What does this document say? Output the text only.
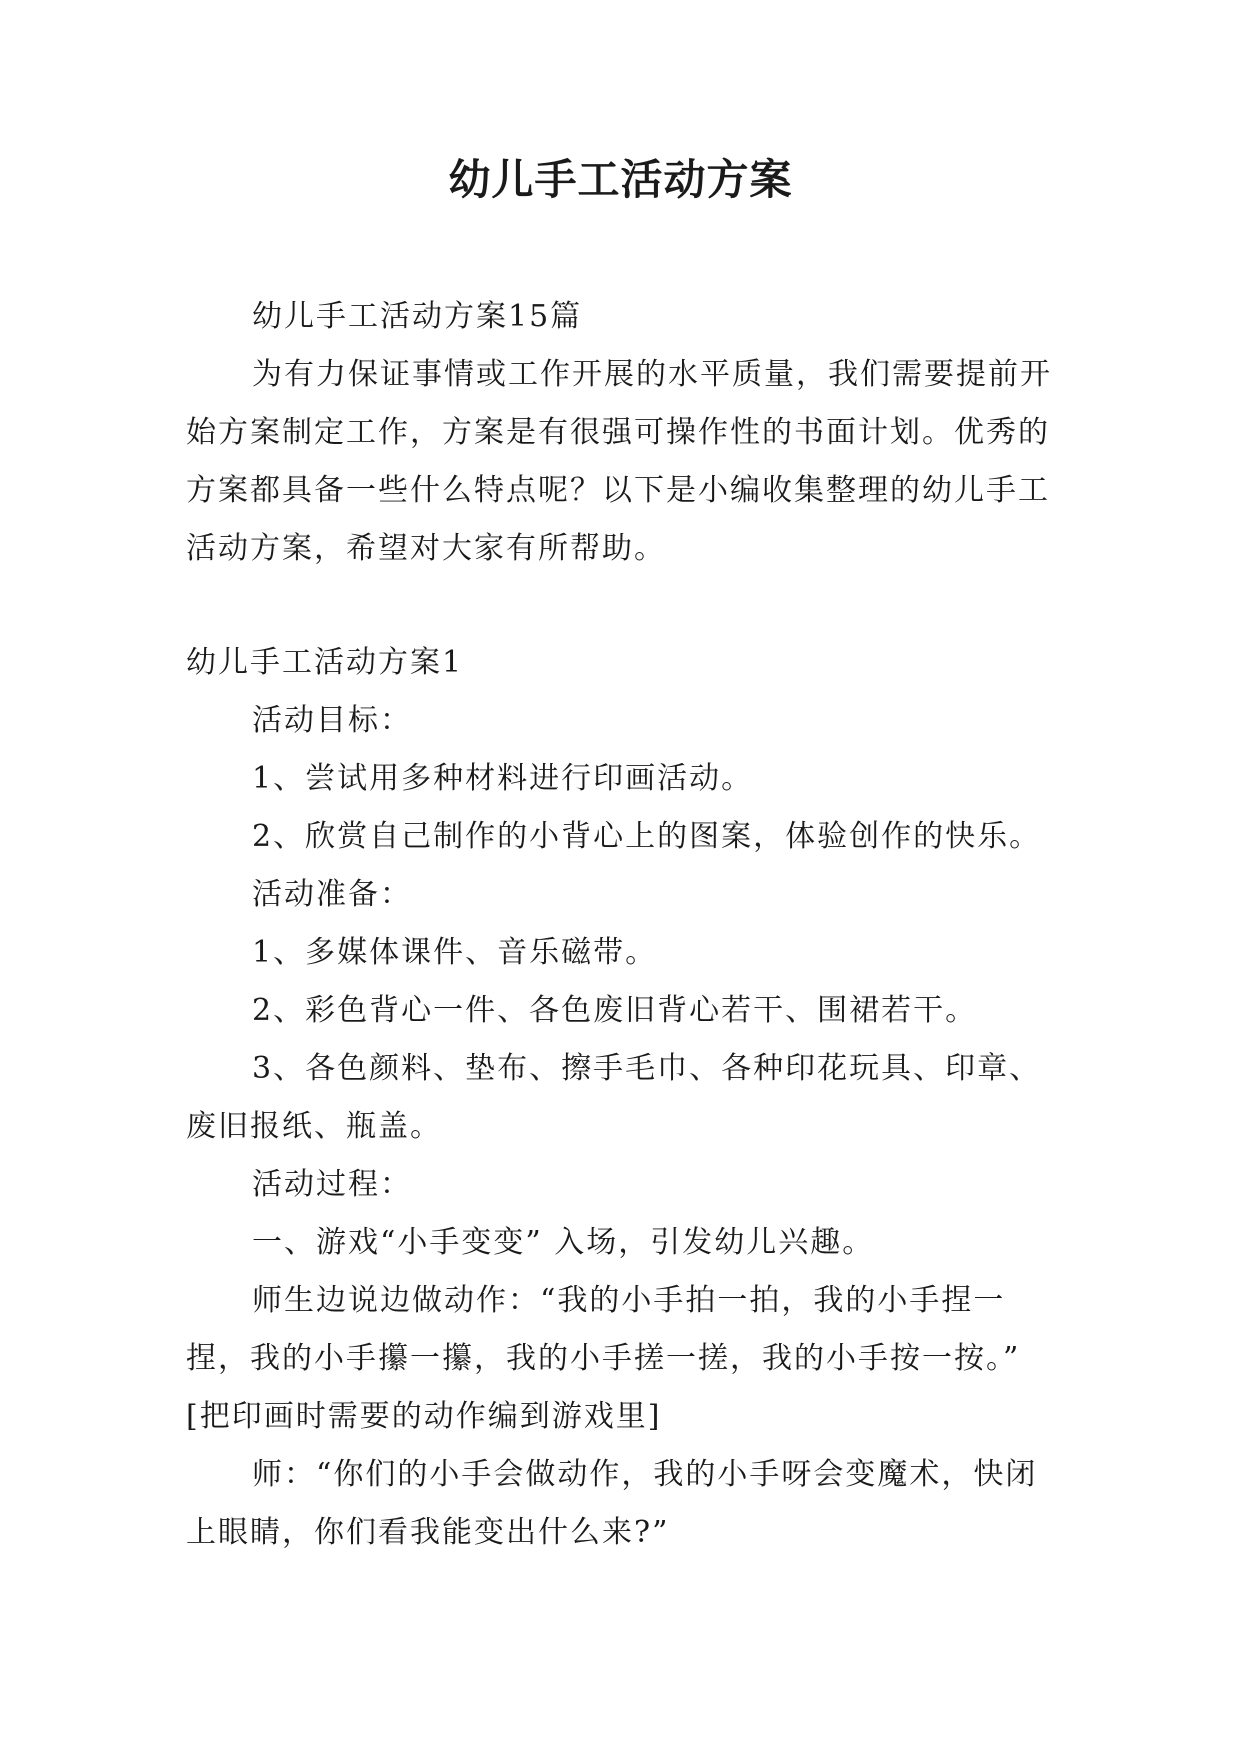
幼儿手工活动方案

幼儿手工活动方案15篇

为有力保证事情或工作开展的水平质量，我们需要提前开始方案制定工作，方案是有很强可操作性的书面计划。优秀的方案都具备一些什么特点呢？以下是小编收集整理的幼儿手工活动方案，希望对大家有所帮助。

幼儿手工活动方案1

活动目标：

1、尝试用多种材料进行印画活动。

2、欣赏自己制作的小背心上的图案，体验创作的快乐。

活动准备：

1、多媒体课件、音乐磁带。

2、彩色背心一件、各色废旧背心若干、围裙若干。

3、各色颜料、垫布、擦手毛巾、各种印花玩具、印章、废旧报纸、瓶盖。

活动过程：

一、游戏“小手变变” 入场，引发幼儿兴趣。

师生边说边做动作：“我的小手拍一拍，我的小手捏一捏，我的小手攥一攥，我的小手搓一搓，我的小手按一按。”

[把印画时需要的动作编到游戏里]

师：“你们的小手会做动作，我的小手呀会变魔术，快闭上眼睛，你们看我能变出什么来?”
